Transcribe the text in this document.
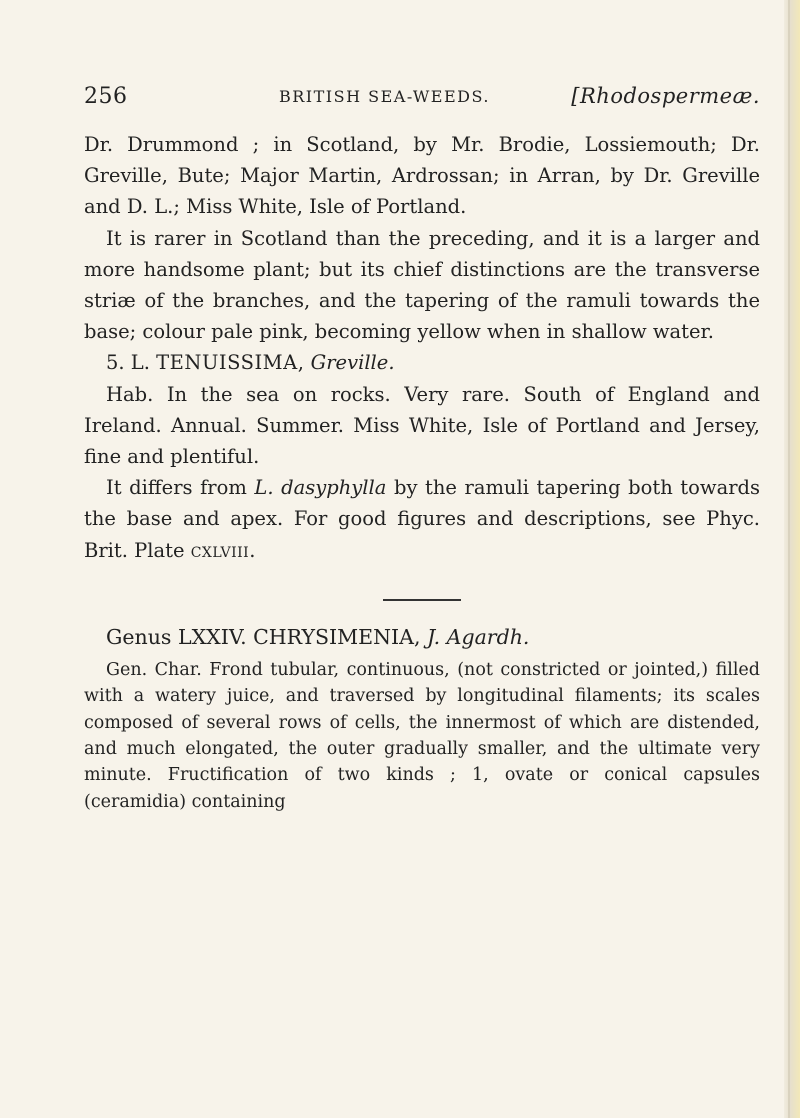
256	BRITISH SEA-WEEDS.	[Rhodospermeæ.

Dr. Drummond ; in Scotland, by Mr. Brodie, Lossiemouth; Dr. Greville, Bute; Major Martin, Ardrossan; in Arran, by Dr. Greville and D. L.; Miss White, Isle of Portland.

It is rarer in Scotland than the preceding, and it is a larger and more handsome plant; but its chief distinctions are the transverse striæ of the branches, and the tapering of the ramuli towards the base; colour pale pink, becoming yellow when in shallow water.

5. L. TENUISSIMA, Greville.

Hab. In the sea on rocks. Very rare. South of England and Ireland. Annual. Summer. Miss White, Isle of Portland and Jersey, fine and plentiful.

It differs from L. dasyphylla by the ramuli tapering both towards the base and apex. For good figures and descriptions, see Phyc. Brit. Plate cxlviii.

Genus LXXIV. CHRYSIMENIA, J. Agardh.

Gen. Char. Frond tubular, continuous, (not constricted or jointed,) filled with a watery juice, and traversed by longitudinal filaments; its scales composed of several rows of cells, the innermost of which are distended, and much elongated, the outer gradually smaller, and the ultimate very minute. Fructification of two kinds ; 1, ovate or conical capsules (ceramidia) containing
